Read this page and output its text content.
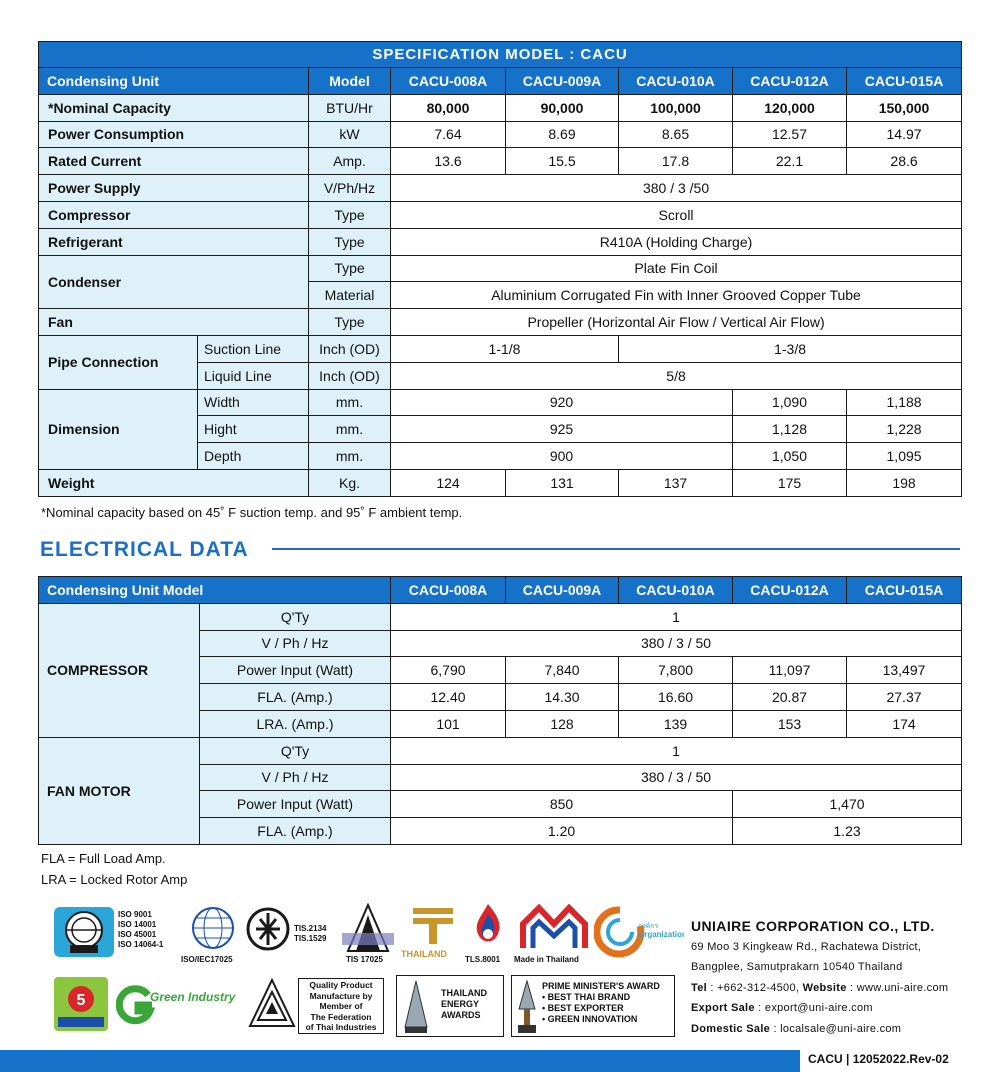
SPECIFICATION MODEL : CACU							
Condensing Unit		Model	CACU-008A	CACU-009A	CACU-010A	CACU-012A	CACU-015A
*Nominal Capacity		BTU/Hr	80,000	90,000	100,000	120,000	150,000
Power Consumption		kW	7.64	8.69	8.65	12.57	14.97
Rated Current		Amp.	13.6	15.5	17.8	22.1	28.6
Power Supply		V/Ph/Hz	380 / 3 /50				
Compressor		Type	Scroll				
Refrigerant		Type	R410A (Holding Charge)				
Condenser		Type	Plate Fin Coil				
		Material	Aluminium Corrugated Fin with Inner Grooved Copper Tube				
Fan		Type	Propeller (Horizontal Air Flow / Vertical Air Flow)				
Pipe Connection	Suction Line	Inch (OD)	1-1/8		1-3/8		
	Liquid Line	Inch (OD)	5/8				
Dimension	Width	mm.	920			1,090	1,188
	Hight	mm.	925			1,128	1,228
	Depth	mm.	900			1,050	1,095
Weight		Kg.	124	131	137	175	198
*Nominal capacity based on 45˚ F suction temp. and 95˚ F ambient temp.
ELECTRICAL DATA
Condensing Unit Model		CACU-008A	CACU-009A	CACU-010A	CACU-012A	CACU-015A
COMPRESSOR	Q'Ty	1				
	V / Ph / Hz	380 / 3 / 50				
	Power Input (Watt)	6,790	7,840	7,800	11,097	13,497
	FLA. (Amp.)	12.40	14.30	16.60	20.87	27.37
	LRA. (Amp.)	101	128	139	153	174
FAN MOTOR	Q'Ty	1				
	V / Ph / Hz	380 / 3 / 50				
	Power Input (Watt)	850			1,470	
	FLA. (Amp.)	1.20			1.23	
FLA = Full Load Amp.
LRA = Locked Rotor Amp
ISO 9001
ISO 14001
ISO 45001
ISO 14064-1
ISO/IEC17025
TIS.2134
TIS.1529
TIS 17025
THAILAND
TLS.8001 Made in Thailand
องค์กร
Organization
5	Green Industry
Quality Product
Manufacture by
Member of
The Federation
of Thai Industries
THAILAND
ENERGY
AWARDS
PRIME MINISTER'S AWARD
• BEST THAI BRAND
• BEST EXPORTER
• GREEN INNOVATION
UNIAIRE CORPORATION CO., LTD.
69 Moo 3 Kingkeaw Rd., Rachatewa District,
Bangplee, Samutprakarn 10540 Thailand
Tel : +662-312-4500, Website : www.uni-aire.com
Export Sale : export@uni-aire.com
Domestic Sale : localsale@uni-aire.com
CACU | 12052022.Rev-02
